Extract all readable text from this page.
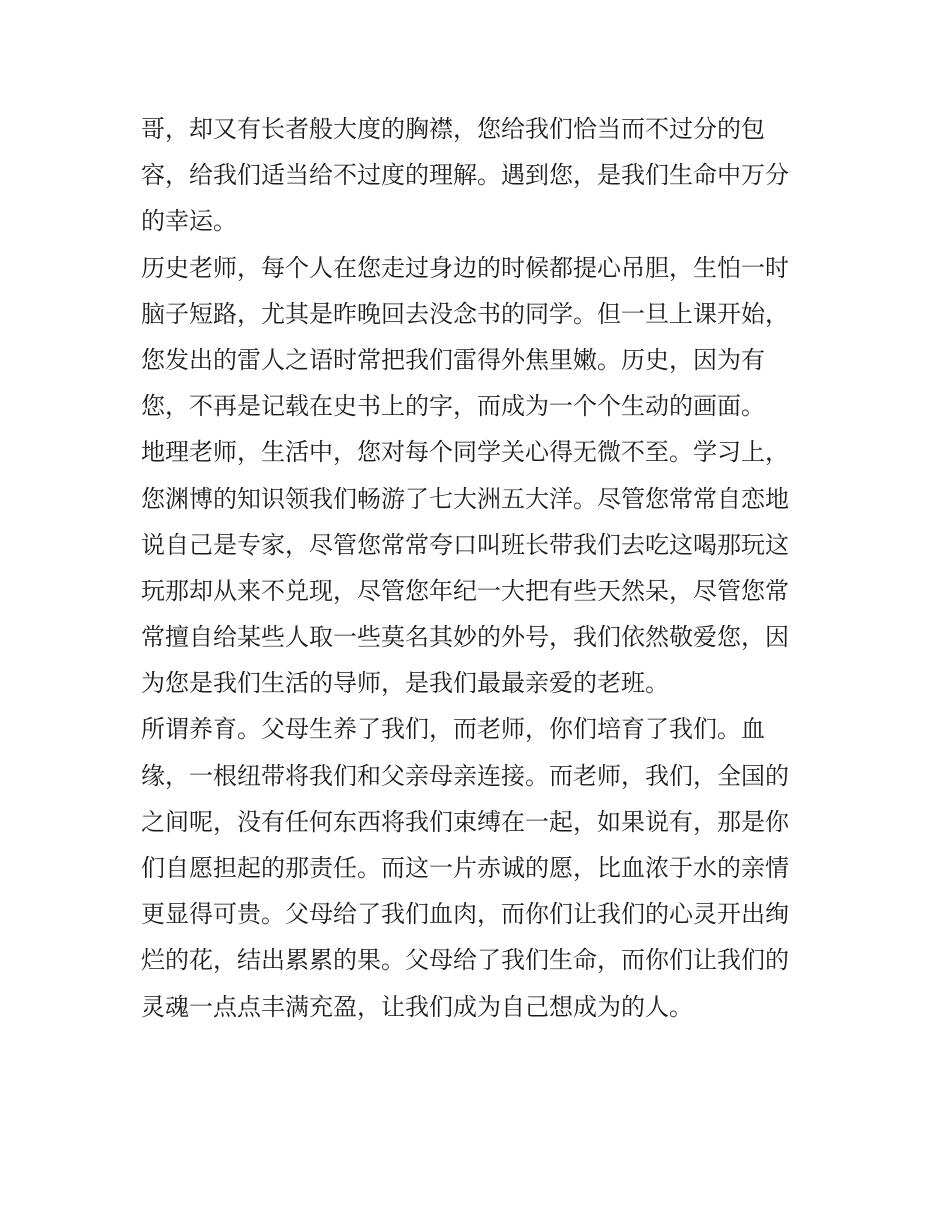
哥，却又有长者般大度的胸襟，您给我们恰当而不过分的包
容，给我们适当给不过度的理解。遇到您，是我们生命中万分
的幸运。
历史老师，每个人在您走过身边的时候都提心吊胆，生怕一时
脑子短路，尤其是昨晚回去没念书的同学。但一旦上课开始，
您发出的雷人之语时常把我们雷得外焦里嫩。历史，因为有
您，不再是记载在史书上的字，而成为一个个生动的画面。
地理老师，生活中，您对每个同学关心得无微不至。学习上，
您渊博的知识领我们畅游了七大洲五大洋。尽管您常常自恋地
说自己是专家，尽管您常常夸口叫班长带我们去吃这喝那玩这
玩那却从来不兑现，尽管您年纪一大把有些天然呆，尽管您常
常擅自给某些人取一些莫名其妙的外号，我们依然敬爱您，因
为您是我们生活的导师，是我们最最亲爱的老班。
所谓养育。父母生养了我们，而老师，你们培育了我们。血
缘，一根纽带将我们和父亲母亲连接。而老师，我们，全国的
之间呢，没有任何东西将我们束缚在一起，如果说有，那是你
们自愿担起的那责任。而这一片赤诚的愿，比血浓于水的亲情
更显得可贵。父母给了我们血肉，而你们让我们的心灵开出绚
烂的花，结出累累的果。父母给了我们生命，而你们让我们的
灵魂一点点丰满充盈，让我们成为自己想成为的人。
